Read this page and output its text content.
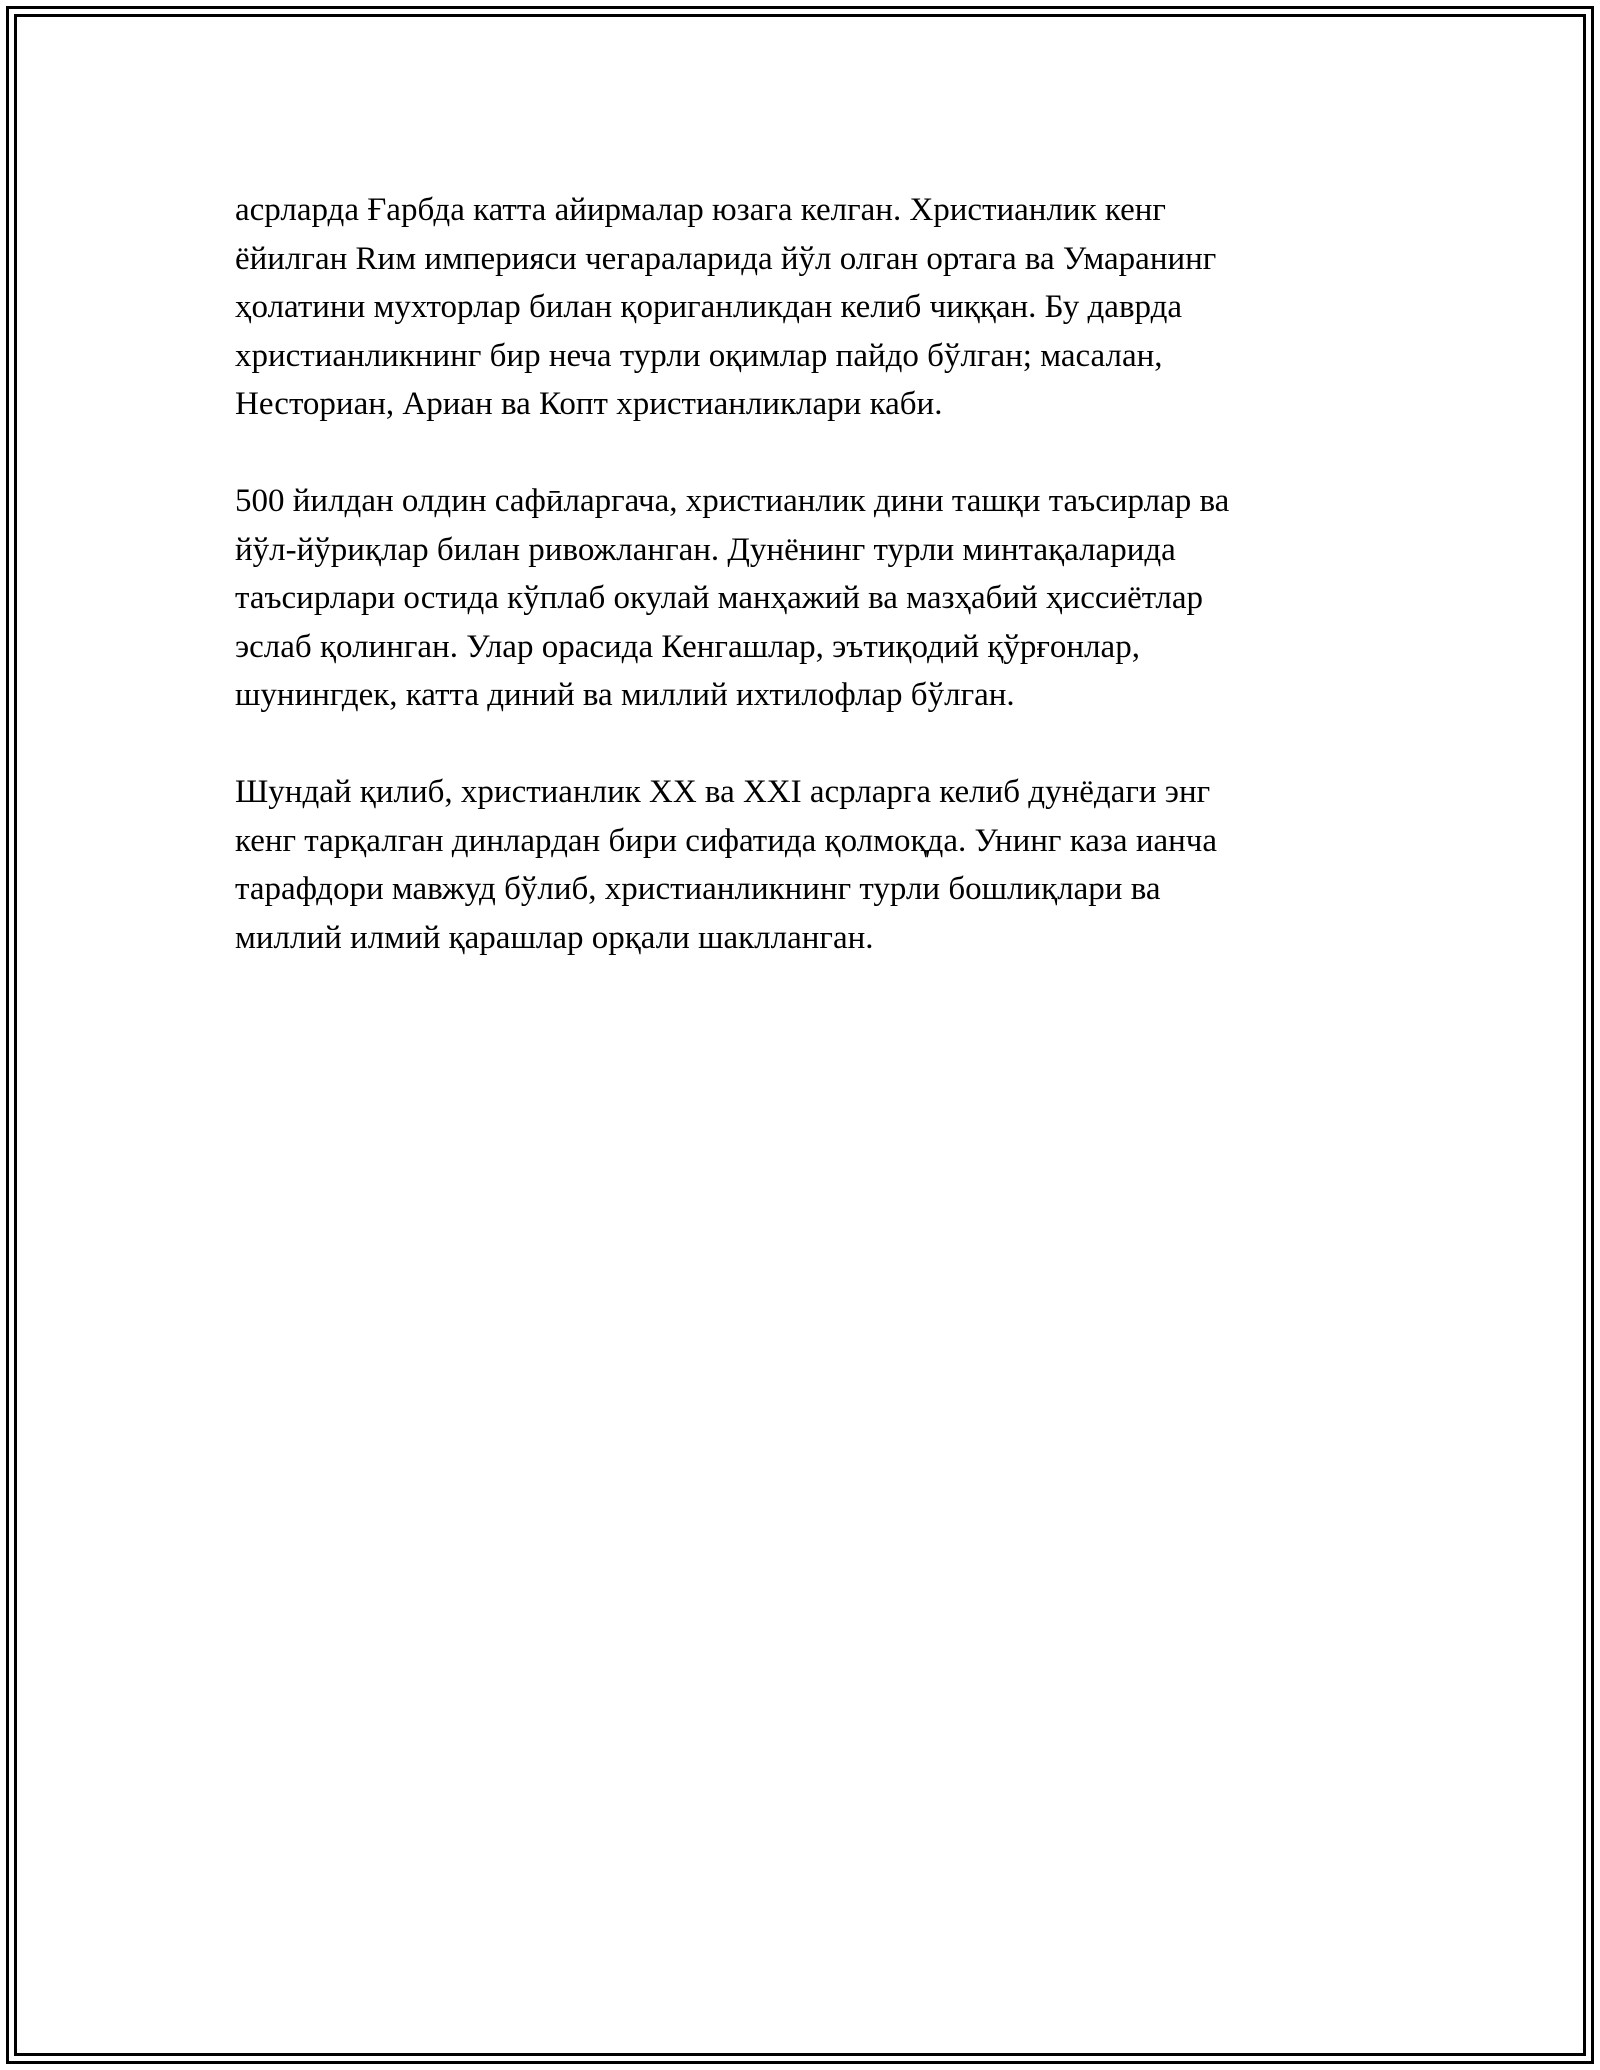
асрларда Ғарбда катта айирмалар юзага келган. Христианлик кенг
ёйилган Rим империяси чегараларида йўл олган ортага ва Умаранинг
ҳолатини мухторлар билан қориганликдан келиб чиққан. Бу даврда
христианликнинг бир неча турли оқимлар пайдо бўлган; масалан,
Несториан, Ариан ва Копт христианликлари каби.

500 йилдан олдин сафӣларгача, христианлик дини ташқи таъсирлар ва
йўл-йўриқлар билан ривожланган. Дунёнинг турли минтақаларида
таъсирлари остида кўплаб окулай манҳажий ва мазҳабий ҳиссиётлар
эслаб қолинган. Улар орасида Кенгашлар, эътиқодий қўрғонлар,
шунингдек, катта диний ва миллий ихтилофлар бўлган.

Шундай қилиб, христианлик XX ва XXI асрларга келиб дунёдаги энг
кенг тарқалган динлардан бири сифатида қолмоқда. Унинг каза ианча
тарафдори мавжуд бўлиб, христианликнинг турли бошлиқлари ва
миллий илмий қарашлар орқали шаклланган.
